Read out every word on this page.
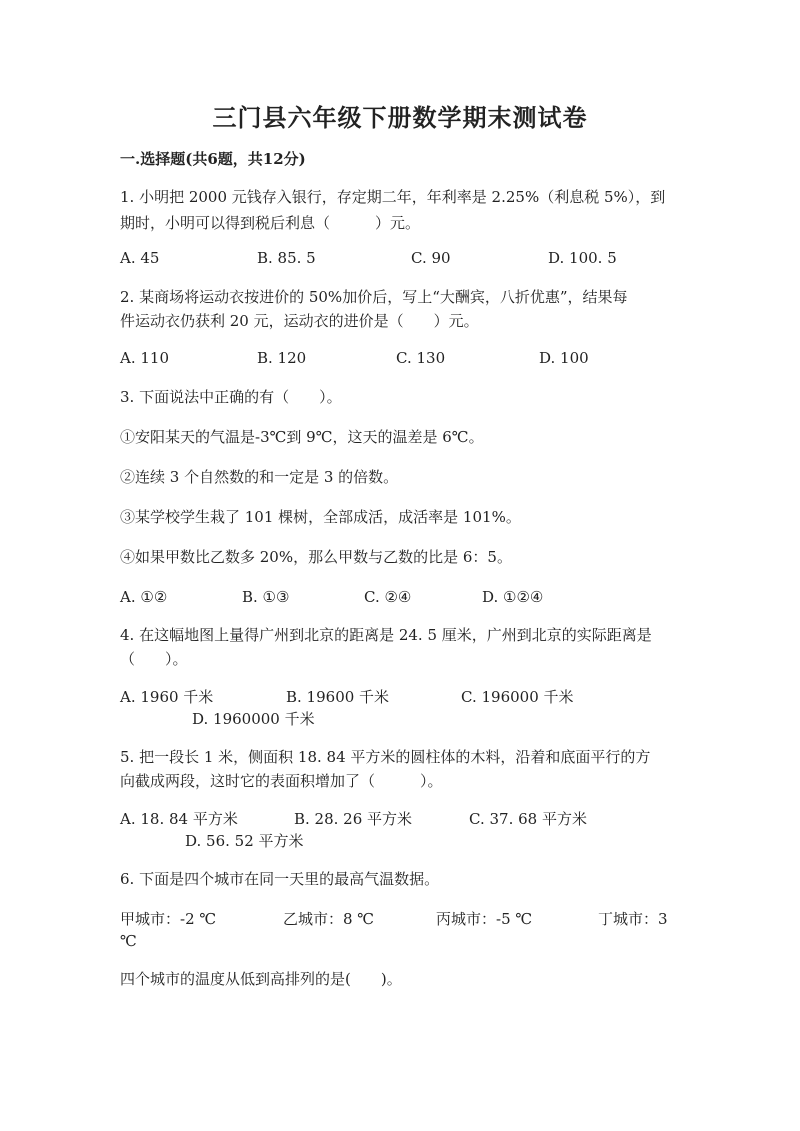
三门县六年级下册数学期末测试卷
一.选择题(共6题，共12分)
1. 小明把 2000 元钱存入银行，存定期二年，年利率是 2.25%（利息税 5%），到
期时，小明可以得到税后利息（　　　）元。
A. 45	B. 85. 5	C. 90	D. 100. 5
2. 某商场将运动衣按进价的 50%加价后，写上“大酬宾，八折优惠”，结果每
件运动衣仍获利 20 元，运动衣的进价是（　　）元。
A. 110	B. 120	C. 130	D. 100
3. 下面说法中正确的有（　　）。
①安阳某天的气温是-3℃到 9℃，这天的温差是 6℃。
②连续 3 个自然数的和一定是 3 的倍数。
③某学校学生栽了 101 棵树，全部成活，成活率是 101%。
④如果甲数比乙数多 20%，那么甲数与乙数的比是 6：5。
A. ①②	B. ①③	C. ②④	D. ①②④
4. 在这幅地图上量得广州到北京的距离是 24. 5 厘米，广州到北京的实际距离是
（　　）。
A. 1960 千米	B. 19600 千米	C. 196000 千米
D. 1960000 千米
5. 把一段长 1 米，侧面积 18. 84 平方米的圆柱体的木料，沿着和底面平行的方
向截成两段，这时它的表面积增加了（　　　）。
A. 18. 84 平方米	B. 28. 26 平方米	C. 37. 68 平方米
D. 56. 52 平方米
6. 下面是四个城市在同一天里的最高气温数据。
甲城市：-2 ℃	乙城市：8 ℃	丙城市：-5 ℃	丁城市：3
℃
四个城市的温度从低到高排列的是(　　)。
